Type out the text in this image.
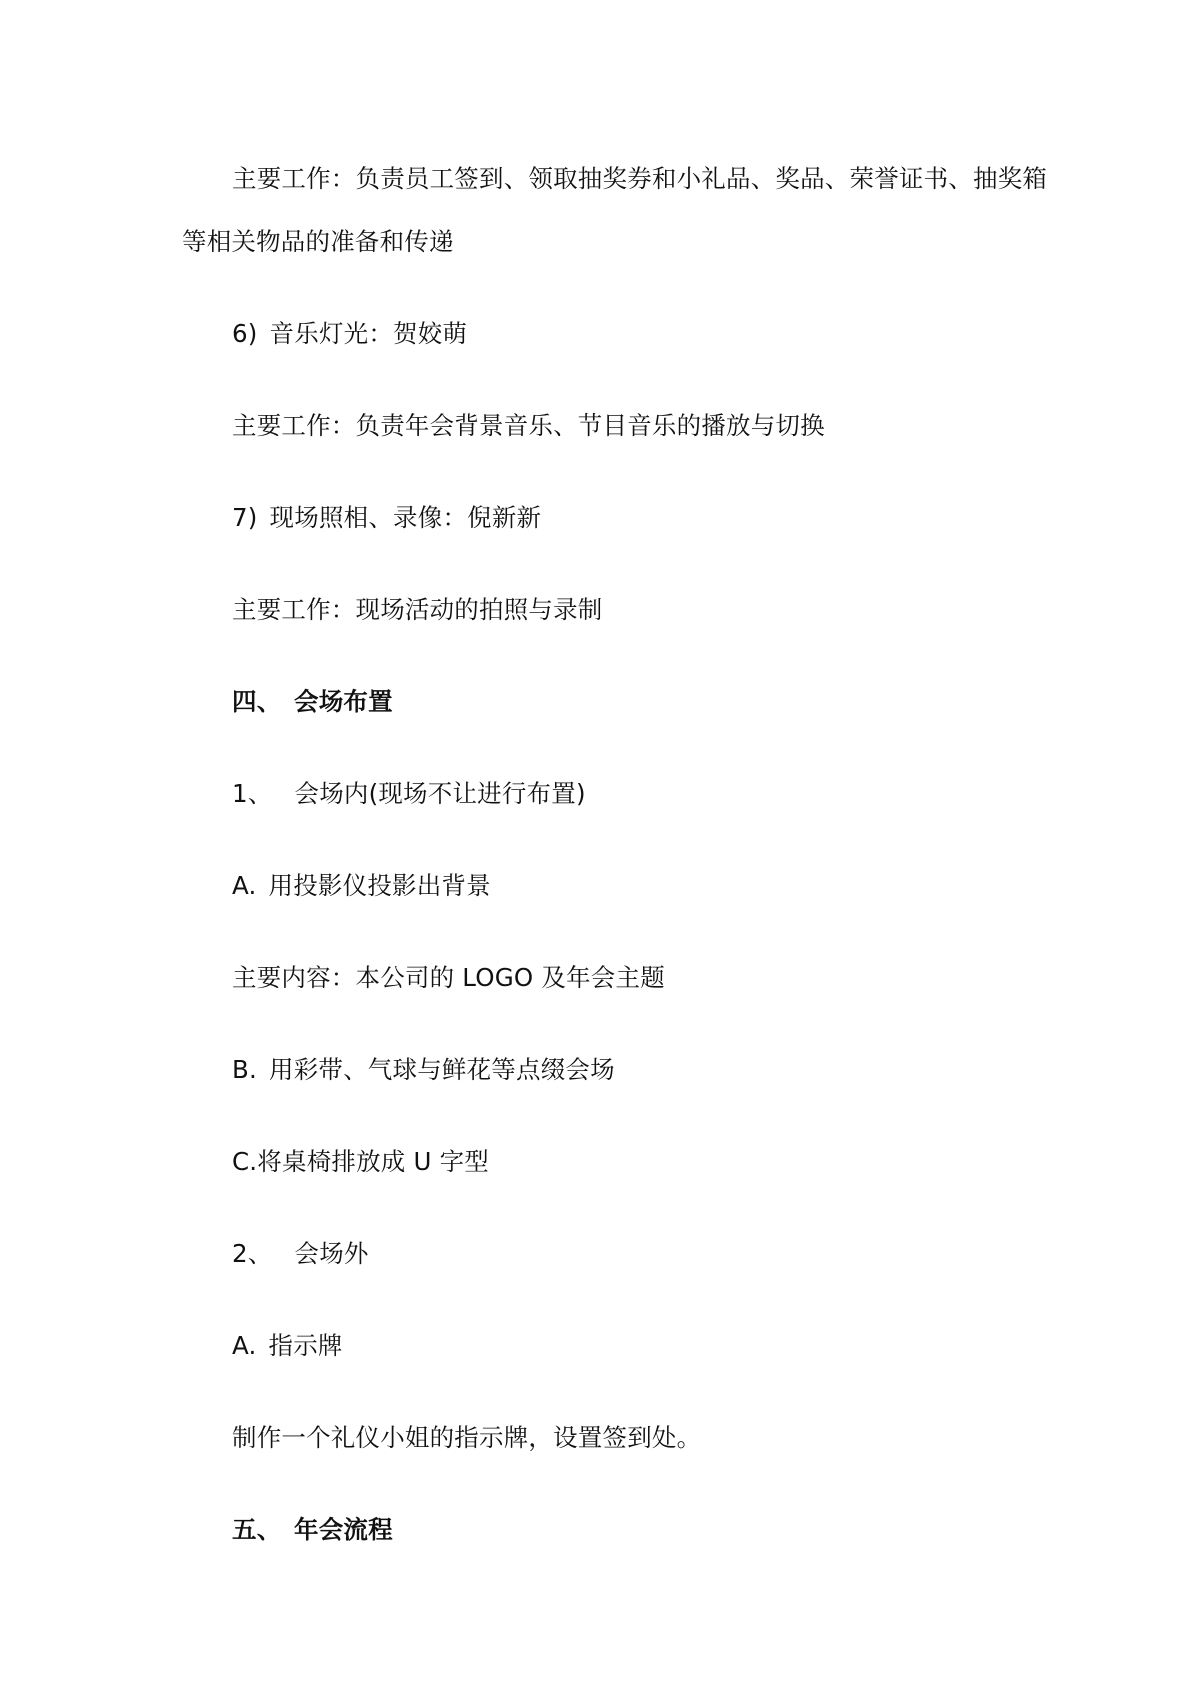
主要工作：负责员工签到、领取抽奖券和小礼品、奖品、荣誉证书、抽奖箱
等相关物品的准备和传递
6) 音乐灯光：贺姣萌
主要工作：负责年会背景音乐、节目音乐的播放与切换
7) 现场照相、录像：倪新新
主要工作：现场活动的拍照与录制
四、 会场布置
1、 会场内(现场不让进行布置)
A. 用投影仪投影出背景
主要内容：本公司的 LOGO 及年会主题
B. 用彩带、气球与鲜花等点缀会场
C.将桌椅排放成 U 字型
2、 会场外
A. 指示牌
制作一个礼仪小姐的指示牌，设置签到处。
五、 年会流程
